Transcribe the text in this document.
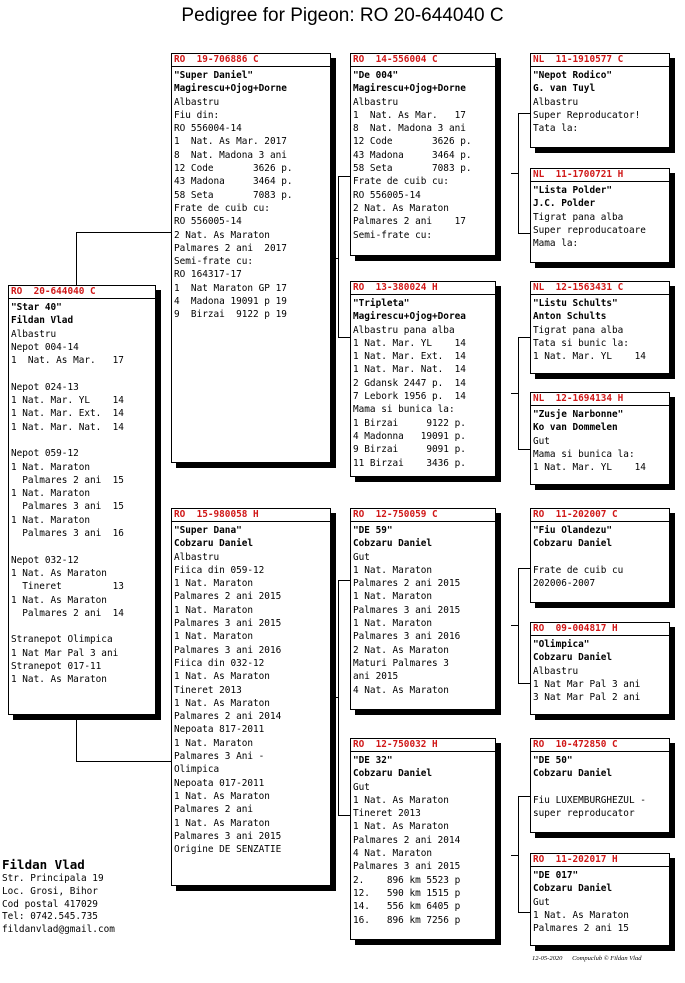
Pedigree for Pigeon: RO 20-644040 C
RO  20-644040 C
"Star 40"
Fildan Vlad
Albastru
Nepot 004-14
1  Nat. As Mar.   17
Nepot 024-13
1 Nat. Mar. YL    14
1 Nat. Mar. Ext.  14
1 Nat. Mar. Nat.  14
Nepot 059-12
1 Nat. Maraton
Palmares 2 ani  15
1 Nat. Maraton
Palmares 3 ani  15
1 Nat. Maraton
Palmares 3 ani  16
Nepot 032-12
1 Nat. As Maraton
Tineret         13
1 Nat. As Maraton
Palmares 2 ani  14
Stranepot Olimpica
1 Nat Mar Pal 3 ani
Stranepot 017-11
1 Nat. As Maraton
RO  19-706886 C
"Super Daniel"
Magirescu+Ojog+Dorne
Albastru
Fiu din:
RO 556004-14
1  Nat. As Mar. 2017
8  Nat. Madona 3 ani
12 Code       3626 p.
43 Madona     3464 p.
58 Seta       7083 p.
Frate de cuib cu:
RO 556005-14
2 Nat. As Maraton
Palmares 2 ani  2017
Semi-frate cu:
RO 164317-17
1  Nat Maraton GP 17
4  Madona 19091 p 19
9  Birzai  9122 p 19
RO  15-980058 H
"Super Dana"
Cobzaru Daniel
Albastru
Fiica din 059-12
1 Nat. Maraton
Palmares 2 ani 2015
1 Nat. Maraton
Palmares 3 ani 2015
1 Nat. Maraton
Palmares 3 ani 2016
Fiica din 032-12
1 Nat. As Maraton
Tineret 2013
1 Nat. As Maraton
Palmares 2 ani 2014
Nepoata 817-2011
1 Nat. Maraton
Palmares 3 Ani -
Olimpica
Nepoata 017-2011
1 Nat. As Maraton
Palmares 2 ani
1 Nat. As Maraton
Palmares 3 ani 2015
Origine DE SENZATIE
RO  14-556004 C
"De 004"
Magirescu+Ojog+Dorne
Albastru
1  Nat. As Mar.   17
8  Nat. Madona 3 ani
12 Code       3626 p.
43 Madona     3464 p.
58 Seta       7083 p.
Frate de cuib cu:
RO 556005-14
2 Nat. As Maraton
Palmares 2 ani    17
Semi-frate cu:
RO  13-380024 H
"Tripleta"
Magirescu+Ojog+Dorea
Albastru pana alba
1 Nat. Mar. YL    14
1 Nat. Mar. Ext.  14
1 Nat. Mar. Nat.  14
2 Gdansk 2447 p.  14
7 Lebork 1956 p.  14
Mama si bunica la:
1 Birzai     9122 p.
4 Madonna   19091 p.
9 Birzai     9091 p.
11 Birzai    3436 p.
RO  12-750059 C
"DE 59"
Cobzaru Daniel
Gut
1 Nat. Maraton
Palmares 2 ani 2015
1 Nat. Maraton
Palmares 3 ani 2015
1 Nat. Maraton
Palmares 3 ani 2016
2 Nat. As Maraton
Maturi Palmares 3
ani 2015
4 Nat. As Maraton
RO  12-750032 H
"DE 32"
Cobzaru Daniel
Gut
1 Nat. As Maraton
Tineret 2013
1 Nat. As Maraton
Palmares 2 ani 2014
4 Nat. Maraton
Palmares 3 ani 2015
2.    896 km 5523 p
12.   590 km 1515 p
14.   556 km 6405 p
16.   896 km 7256 p
NL  11-1910577 C
"Nepot Rodico"
G. van Tuyl
Albastru
Super Reproducator!
Tata la:
NL  11-1700721 H
"Lista Polder"
J.C. Polder
Tigrat pana alba
Super reproducatoare
Mama la:
NL  12-1563431 C
"Listu Schults"
Anton Schults
Tigrat pana alba
Tata si bunic la:
1 Nat. Mar. YL    14
NL  12-1694134 H
"Zusje Narbonne"
Ko van Dommelen
Gut
Mama si bunica la:
1 Nat. Mar. YL    14
RO  11-202007 C
"Fiu Olandezu"
Cobzaru Daniel
Frate de cuib cu
202006-2007
RO  09-004817 H
"Olimpica"
Cobzaru Daniel
Albastru
1 Nat Mar Pal 3 ani
3 Nat Mar Pal 2 ani
RO  10-472850 C
"DE 50"
Cobzaru Daniel
Fiu LUXEMBURGHEZUL -
super reproducator
RO  11-202017 H
"DE 017"
Cobzaru Daniel
Gut
1 Nat. As Maraton
Palmares 2 ani 15
Fildan Vlad
Str. Principala 19
Loc. Grosi, Bihor
Cod postal 417029
Tel: 0742.545.735
fildanvlad@gmail.com
12-05-2020 Compuclub © Fildan Vlad
